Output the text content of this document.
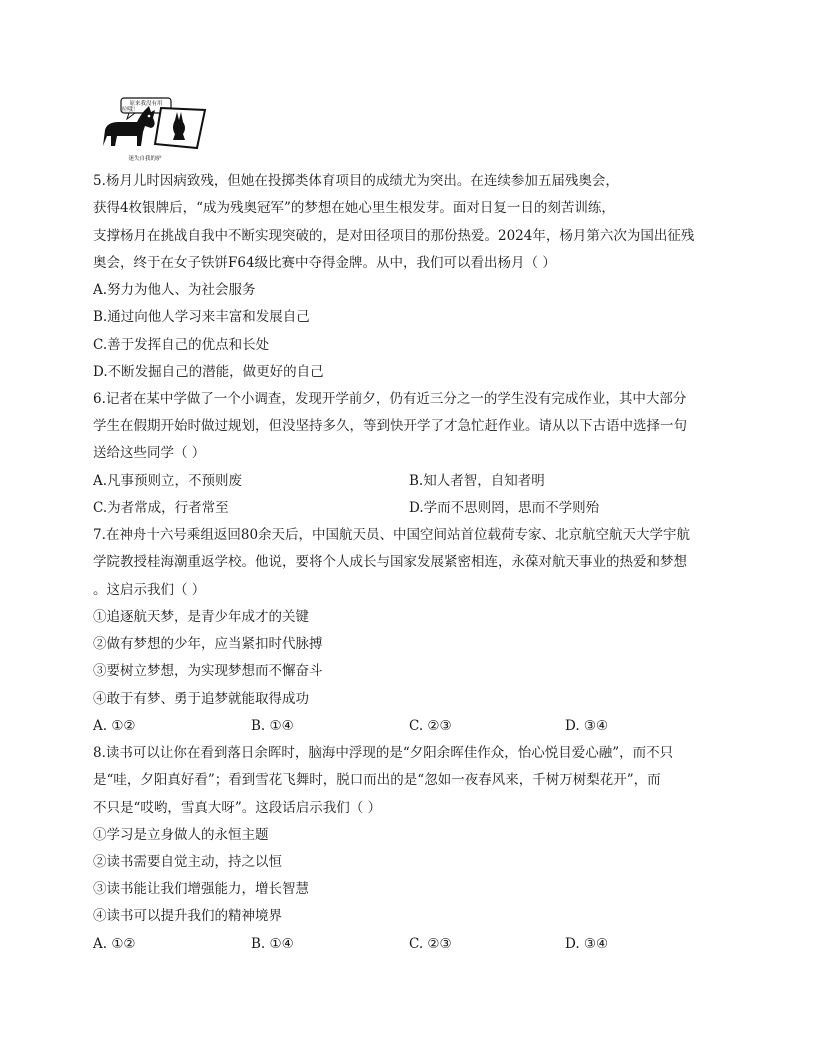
原来我没有用
拉哦！
迷失自我的驴
5.杨月儿时因病致残，但她在投掷类体育项目的成绩尤为突出。在连续参加五届残奥会，
获得4枚银牌后，“成为残奥冠军”的梦想在她心里生根发芽。面对日复一日的刻苦训练，
支撑杨月在挑战自我中不断实现突破的，是对田径项目的那份热爱。2024年，杨月第六次为国出征残
奥会，终于在女子铁饼F64级比赛中夺得金牌。从中，我们可以看出杨月（ ）
A.努力为他人、为社会服务
B.通过向他人学习来丰富和发展自己
C.善于发挥自己的优点和长处
D.不断发掘自己的潜能，做更好的自己
6.记者在某中学做了一个小调查，发现开学前夕，仍有近三分之一的学生没有完成作业，其中大部分
学生在假期开始时做过规划，但没坚持多久，等到快开学了才急忙赶作业。请从以下古语中选择一句
送给这些同学（ ）
A.凡事预则立，不预则废	B.知人者智，自知者明
C.为者常成，行者常至	D.学而不思则罔，思而不学则殆
7.在神舟十六号乘组返回80余天后，中国航天员、中国空间站首位载荷专家、北京航空航天大学宇航
学院教授桂海潮重返学校。他说，要将个人成长与国家发展紧密相连，永葆对航天事业的热爱和梦想
。这启示我们（ ）
①追逐航天梦，是青少年成才的关键
②做有梦想的少年，应当紧扣时代脉搏
③要树立梦想，为实现梦想而不懈奋斗
④敢于有梦、勇于追梦就能取得成功
A. ①②	B. ①④	C. ②③	D. ③④
8.读书可以让你在看到落日余晖时，脑海中浮现的是“夕阳余晖佳作众，怡心悦目爱心融”，而不只
是“哇，夕阳真好看”；看到雪花飞舞时，脱口而出的是“忽如一夜春风来，千树万树梨花开”，而
不只是“哎哟，雪真大呀”。这段话启示我们（ ）
①学习是立身做人的永恒主题
②读书需要自觉主动，持之以恒
③读书能让我们增强能力，增长智慧
④读书可以提升我们的精神境界
A. ①②	B. ①④	C. ②③	D. ③④
